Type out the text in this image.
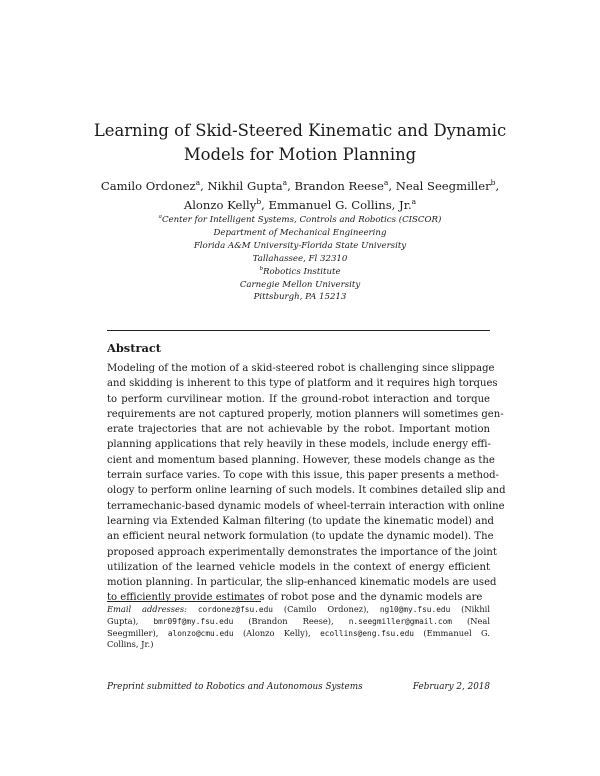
Learning of Skid-Steered Kinematic and Dynamic
Models for Motion Planning
Camilo Ordonez$^a$, Nikhil Gupta$^a$, Brandon Reese$^a$, Neal Seegmiller$^b$,
Alonzo Kelly$^b$, Emmanuel G. Collins, Jr.$^a$
$^a$Center for Intelligent Systems, Controls and Robotics (CISCOR)
Department of Mechanical Engineering
Florida A&M University-Florida State University
Tallahassee, Fl 32310
$^b$Robotics Institute
Carnegie Mellon University
Pittsburgh, PA 15213
Abstract
Modeling of the motion of a skid-steered robot is challenging since slippage
and skidding is inherent to this type of platform and it requires high torques
to perform curvilinear motion. If the ground-robot interaction and torque
requirements are not captured properly, motion planners will sometimes gen-
erate trajectories that are not achievable by the robot. Important motion
planning applications that rely heavily in these models, include energy effi-
cient and momentum based planning. However, these models change as the
terrain surface varies. To cope with this issue, this paper presents a method-
ology to perform online learning of such models. It combines detailed slip and
terramechanic-based dynamic models of wheel-terrain interaction with online
learning via Extended Kalman filtering (to update the kinematic model) and
an efficient neural network formulation (to update the dynamic model). The
proposed approach experimentally demonstrates the importance of the joint
utilization of the learned vehicle models in the context of energy efficient
motion planning. In particular, the slip-enhanced kinematic models are used
to efficiently provide estimates of robot pose and the dynamic models are
Email addresses: cordonez@fsu.edu (Camilo Ordonez), ng10@my.fsu.edu (Nikhil
Gupta), bmr09f@my.fsu.edu (Brandon Reese), n.seegmiller@gmail.com (Neal
Seegmiller), alonzo@cmu.edu (Alonzo Kelly), ecollins@eng.fsu.edu (Emmanuel G.
Collins, Jr.)
Preprint submitted to Robotics and Autonomous Systems	February 2, 2018
